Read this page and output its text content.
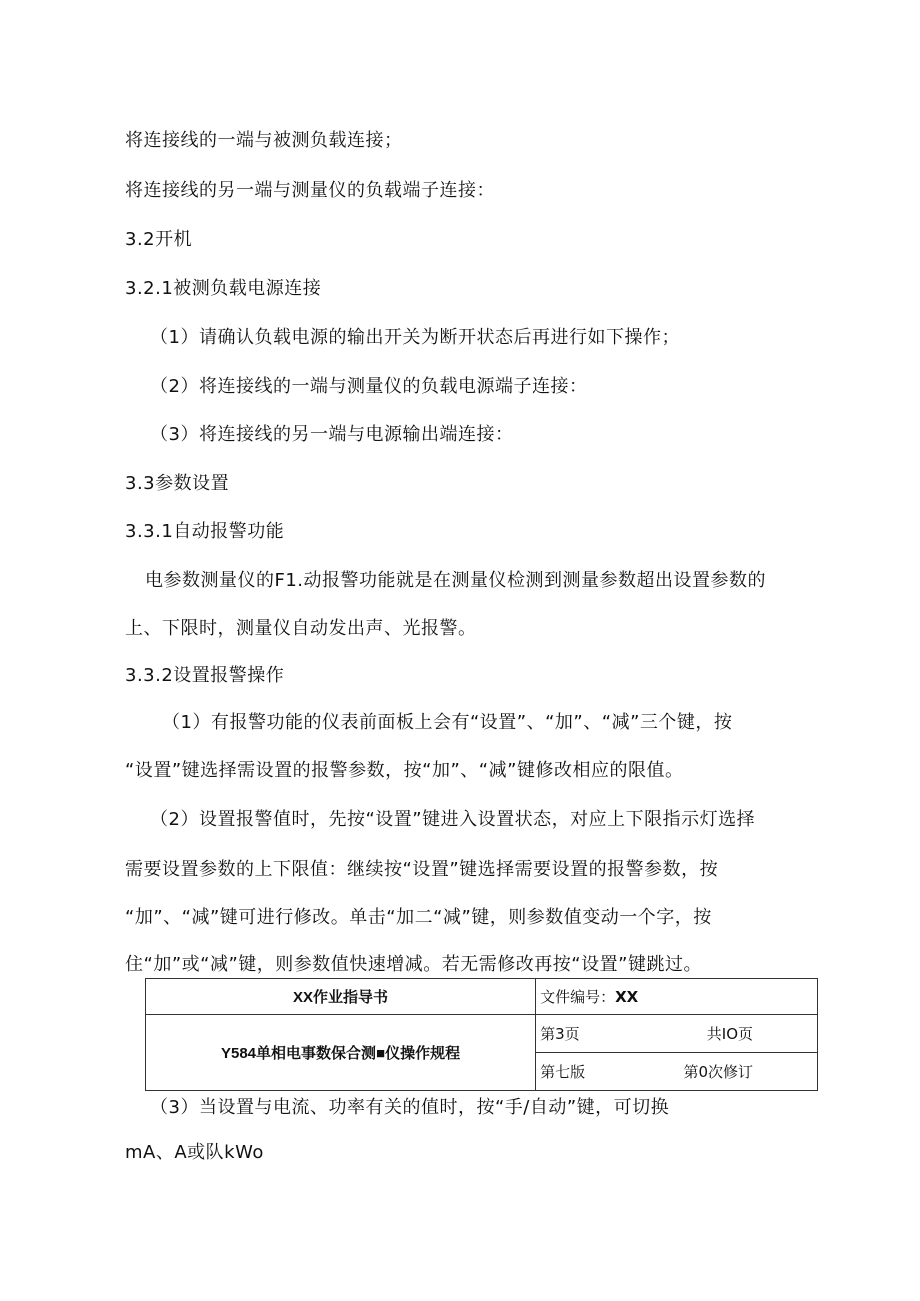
将连接线的一端与被测负载连接；
将连接线的另一端与测量仪的负载端子连接：
3.2开机
3.2.1被测负载电源连接
（1）请确认负载电源的输出开关为断开状态后再进行如下操作；
（2）将连接线的一端与测量仪的负载电源端子连接：
（3）将连接线的另一端与电源输出端连接：
3.3参数设置
3.3.1自动报警功能
电参数测量仪的F1.动报警功能就是在测量仪检测到测量参数超出设置参数的
上、下限时，测量仪自动发出声、光报警。
3.3.2设置报警操作
（1）有报警功能的仪表前面板上会有“设置”、“加”、“减”三个键，按
“设置”键选择需设置的报警参数，按“加”、“减”键修改相应的限值。
（2）设置报警值时，先按“设置”键进入设置状态，对应上下限指示灯选择
需要设置参数的上下限值：继续按“设置”键选择需要设置的报警参数，按
“加”、“减”键可进行修改。单击“加二“减”键，则参数值变动一个字，按
住“加”或“减”键，则参数值快速增减。若无需修改再按“设置”键跳过。
XX作业指导书	文件编号：XX
Y584单相电事数保合测■仪操作规程	第3页 共IO页

	第七版 第0次修订
（3）当设置与电流、功率有关的值时，按“手/自动”键，可切换
mA、A或队kWo
